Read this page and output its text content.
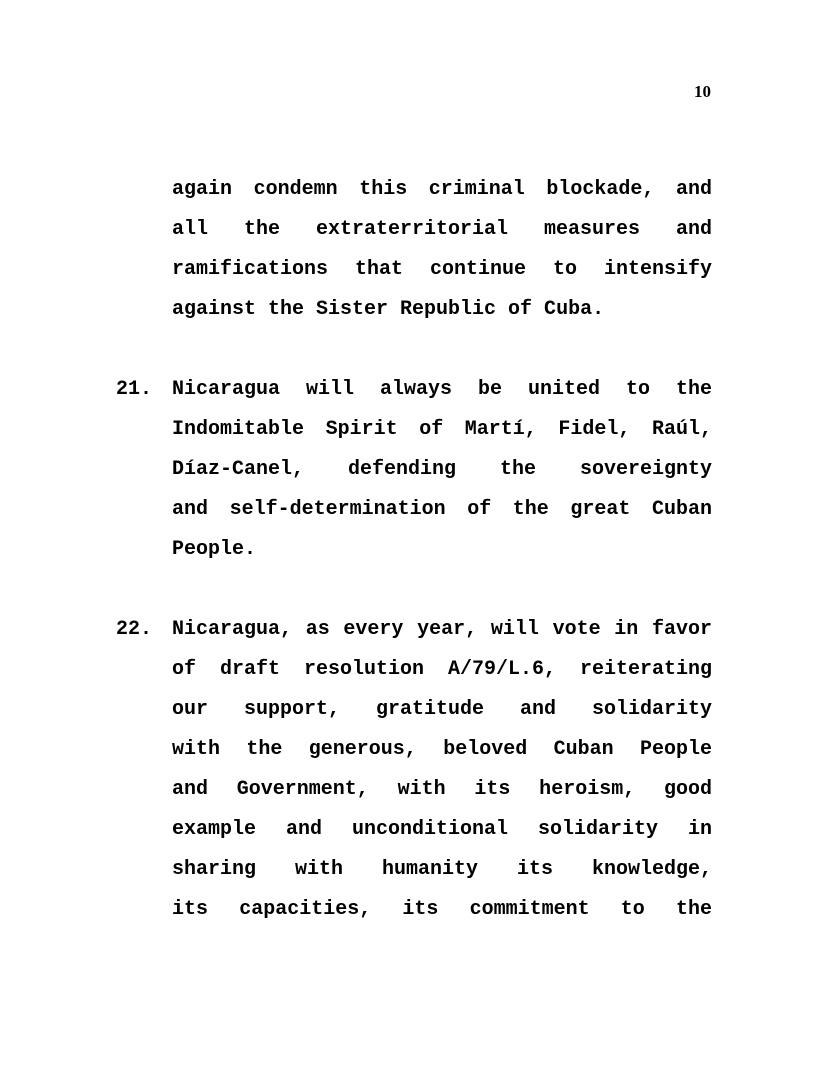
10
again condemn this criminal blockade, and
all the extraterritorial measures and
ramifications that continue to intensify
against the Sister Republic of Cuba.
21. Nicaragua will always be united to the
Indomitable Spirit of Martí, Fidel, Raúl,
Díaz-Canel, defending the sovereignty
and self-determination of the great Cuban
People.
22. Nicaragua, as every year, will vote in favor
of draft resolution A/79/L.6, reiterating
our support, gratitude and solidarity
with the generous, beloved Cuban People
and Government, with its heroism, good
example and unconditional solidarity in
sharing with humanity its knowledge,
its capacities, its commitment to the
